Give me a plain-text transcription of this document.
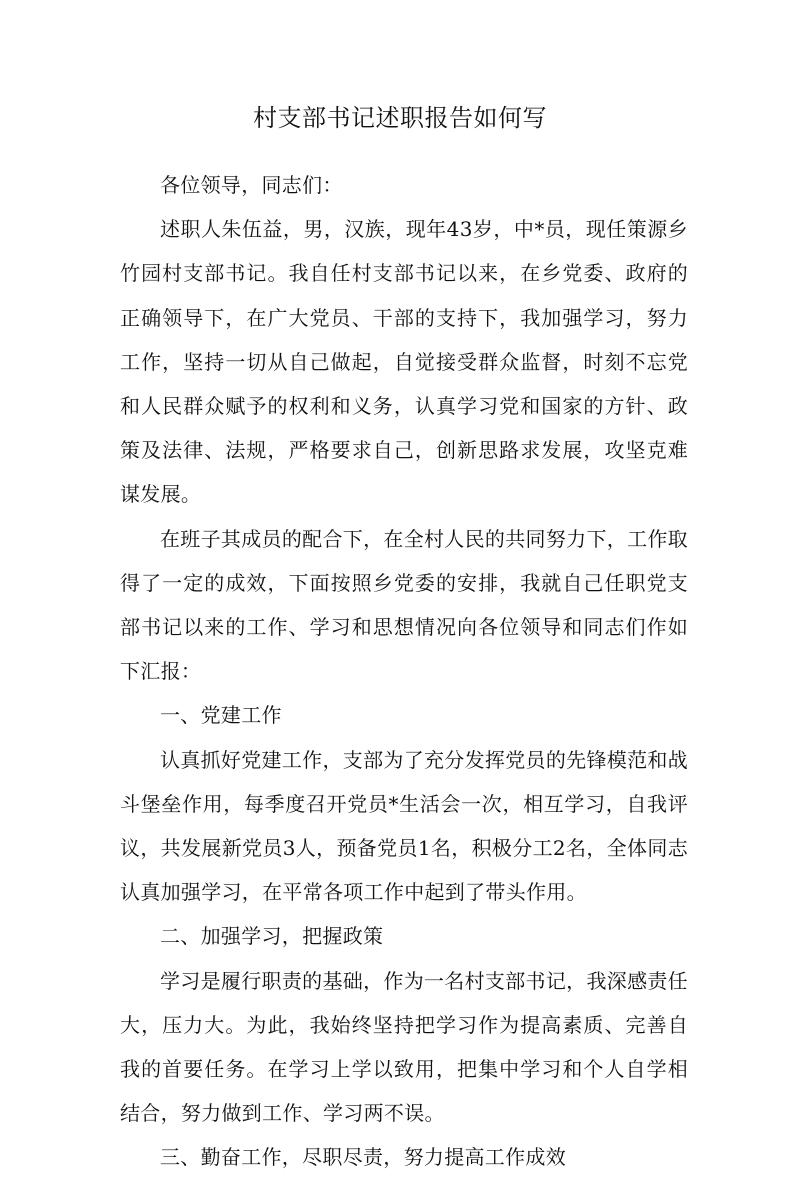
村支部书记述职报告如何写

各位领导，同志们：

述职人朱伍益，男，汉族，现年43岁，中*员，现任策源乡竹园村支部书记。我自任村支部书记以来，在乡党委、政府的正确领导下，在广大党员、干部的支持下，我加强学习，努力工作，坚持一切从自己做起，自觉接受群众监督，时刻不忘党和人民群众赋予的权利和义务，认真学习党和国家的方针、政策及法律、法规，严格要求自己，创新思路求发展，攻坚克难谋发展。

在班子其成员的配合下，在全村人民的共同努力下，工作取得了一定的成效，下面按照乡党委的安排，我就自己任职党支部书记以来的工作、学习和思想情况向各位领导和同志们作如下汇报：

一、党建工作

认真抓好党建工作，支部为了充分发挥党员的先锋模范和战斗堡垒作用，每季度召开党员*生活会一次，相互学习，自我评议，共发展新党员3人，预备党员1名，积极分工2名，全体同志认真加强学习，在平常各项工作中起到了带头作用。

二、加强学习，把握政策

学习是履行职责的基础，作为一名村支部书记，我深感责任大，压力大。为此，我始终坚持把学习作为提高素质、完善自我的首要任务。在学习上学以致用，把集中学习和个人自学相结合，努力做到工作、学习两不误。

三、勤奋工作，尽职尽责，努力提高工作成效
